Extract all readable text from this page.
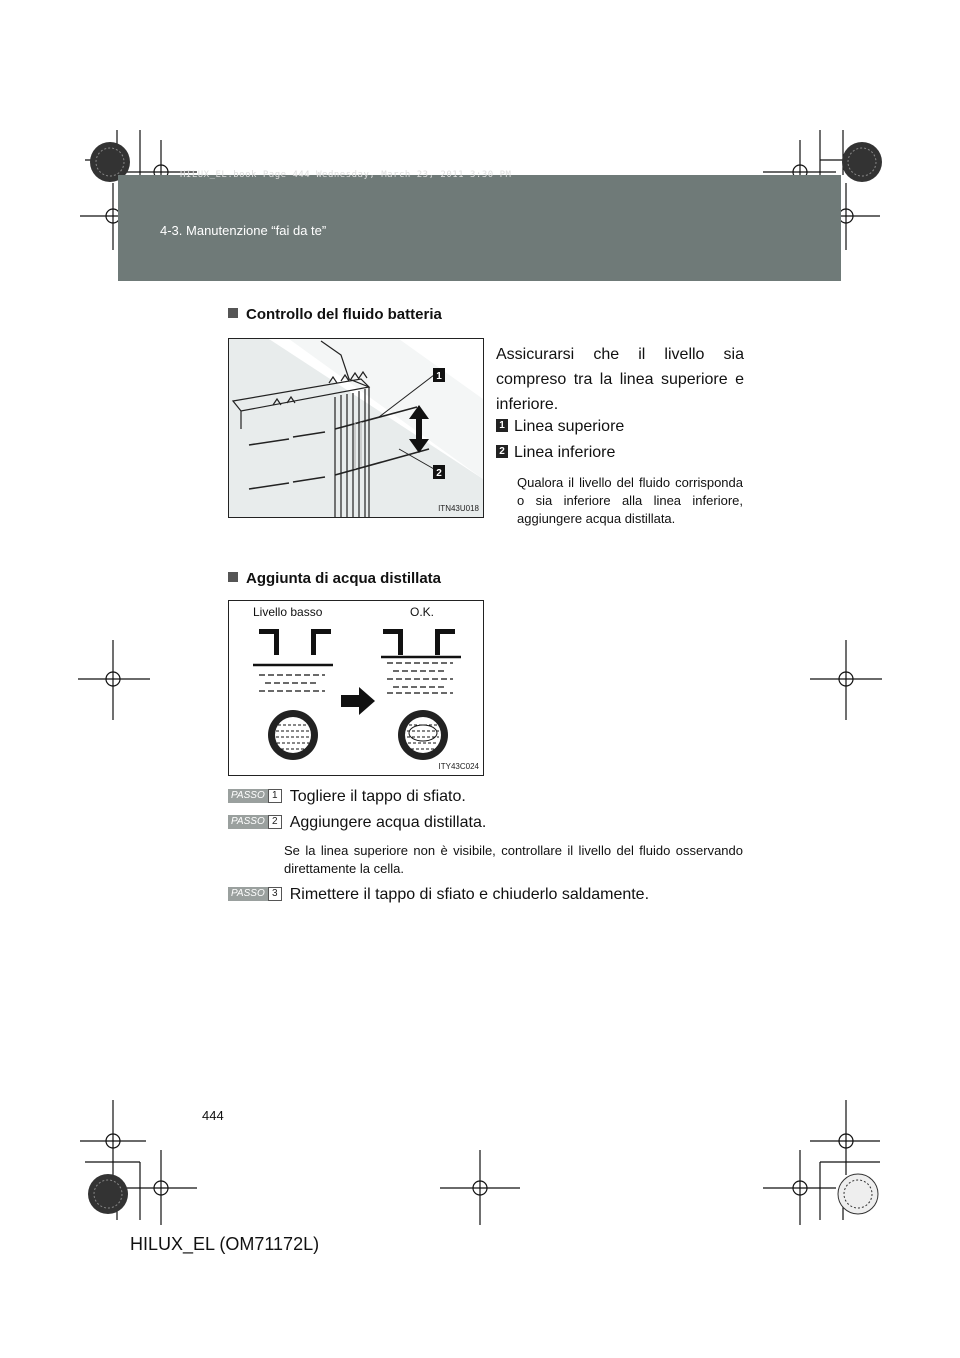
HILUX_EL.book Page 444 Wednesday, March 23, 2011 3:30 PM
4-3. Manutenzione “fai da te”
Controllo del fluido batteria
1
2
ITN43U018
Assicurarsi che il livello sia compreso tra la linea superiore e inferiore.
1 Linea superiore
2 Linea inferiore
Qualora il livello del fluido corrisponda o sia inferiore alla linea inferiore, aggiungere acqua distillata.
Aggiunta di acqua distillata
Livello basso	O.K.
ITY43C024
PASSO 1 Togliere il tappo di sfiato.
PASSO 2 Aggiungere acqua distillata.
Se la linea superiore non è visibile, controllare il livello del fluido osservando direttamente la cella.
PASSO 3 Rimettere il tappo di sfiato e chiuderlo saldamente.
444
HILUX_EL (OM71172L)
